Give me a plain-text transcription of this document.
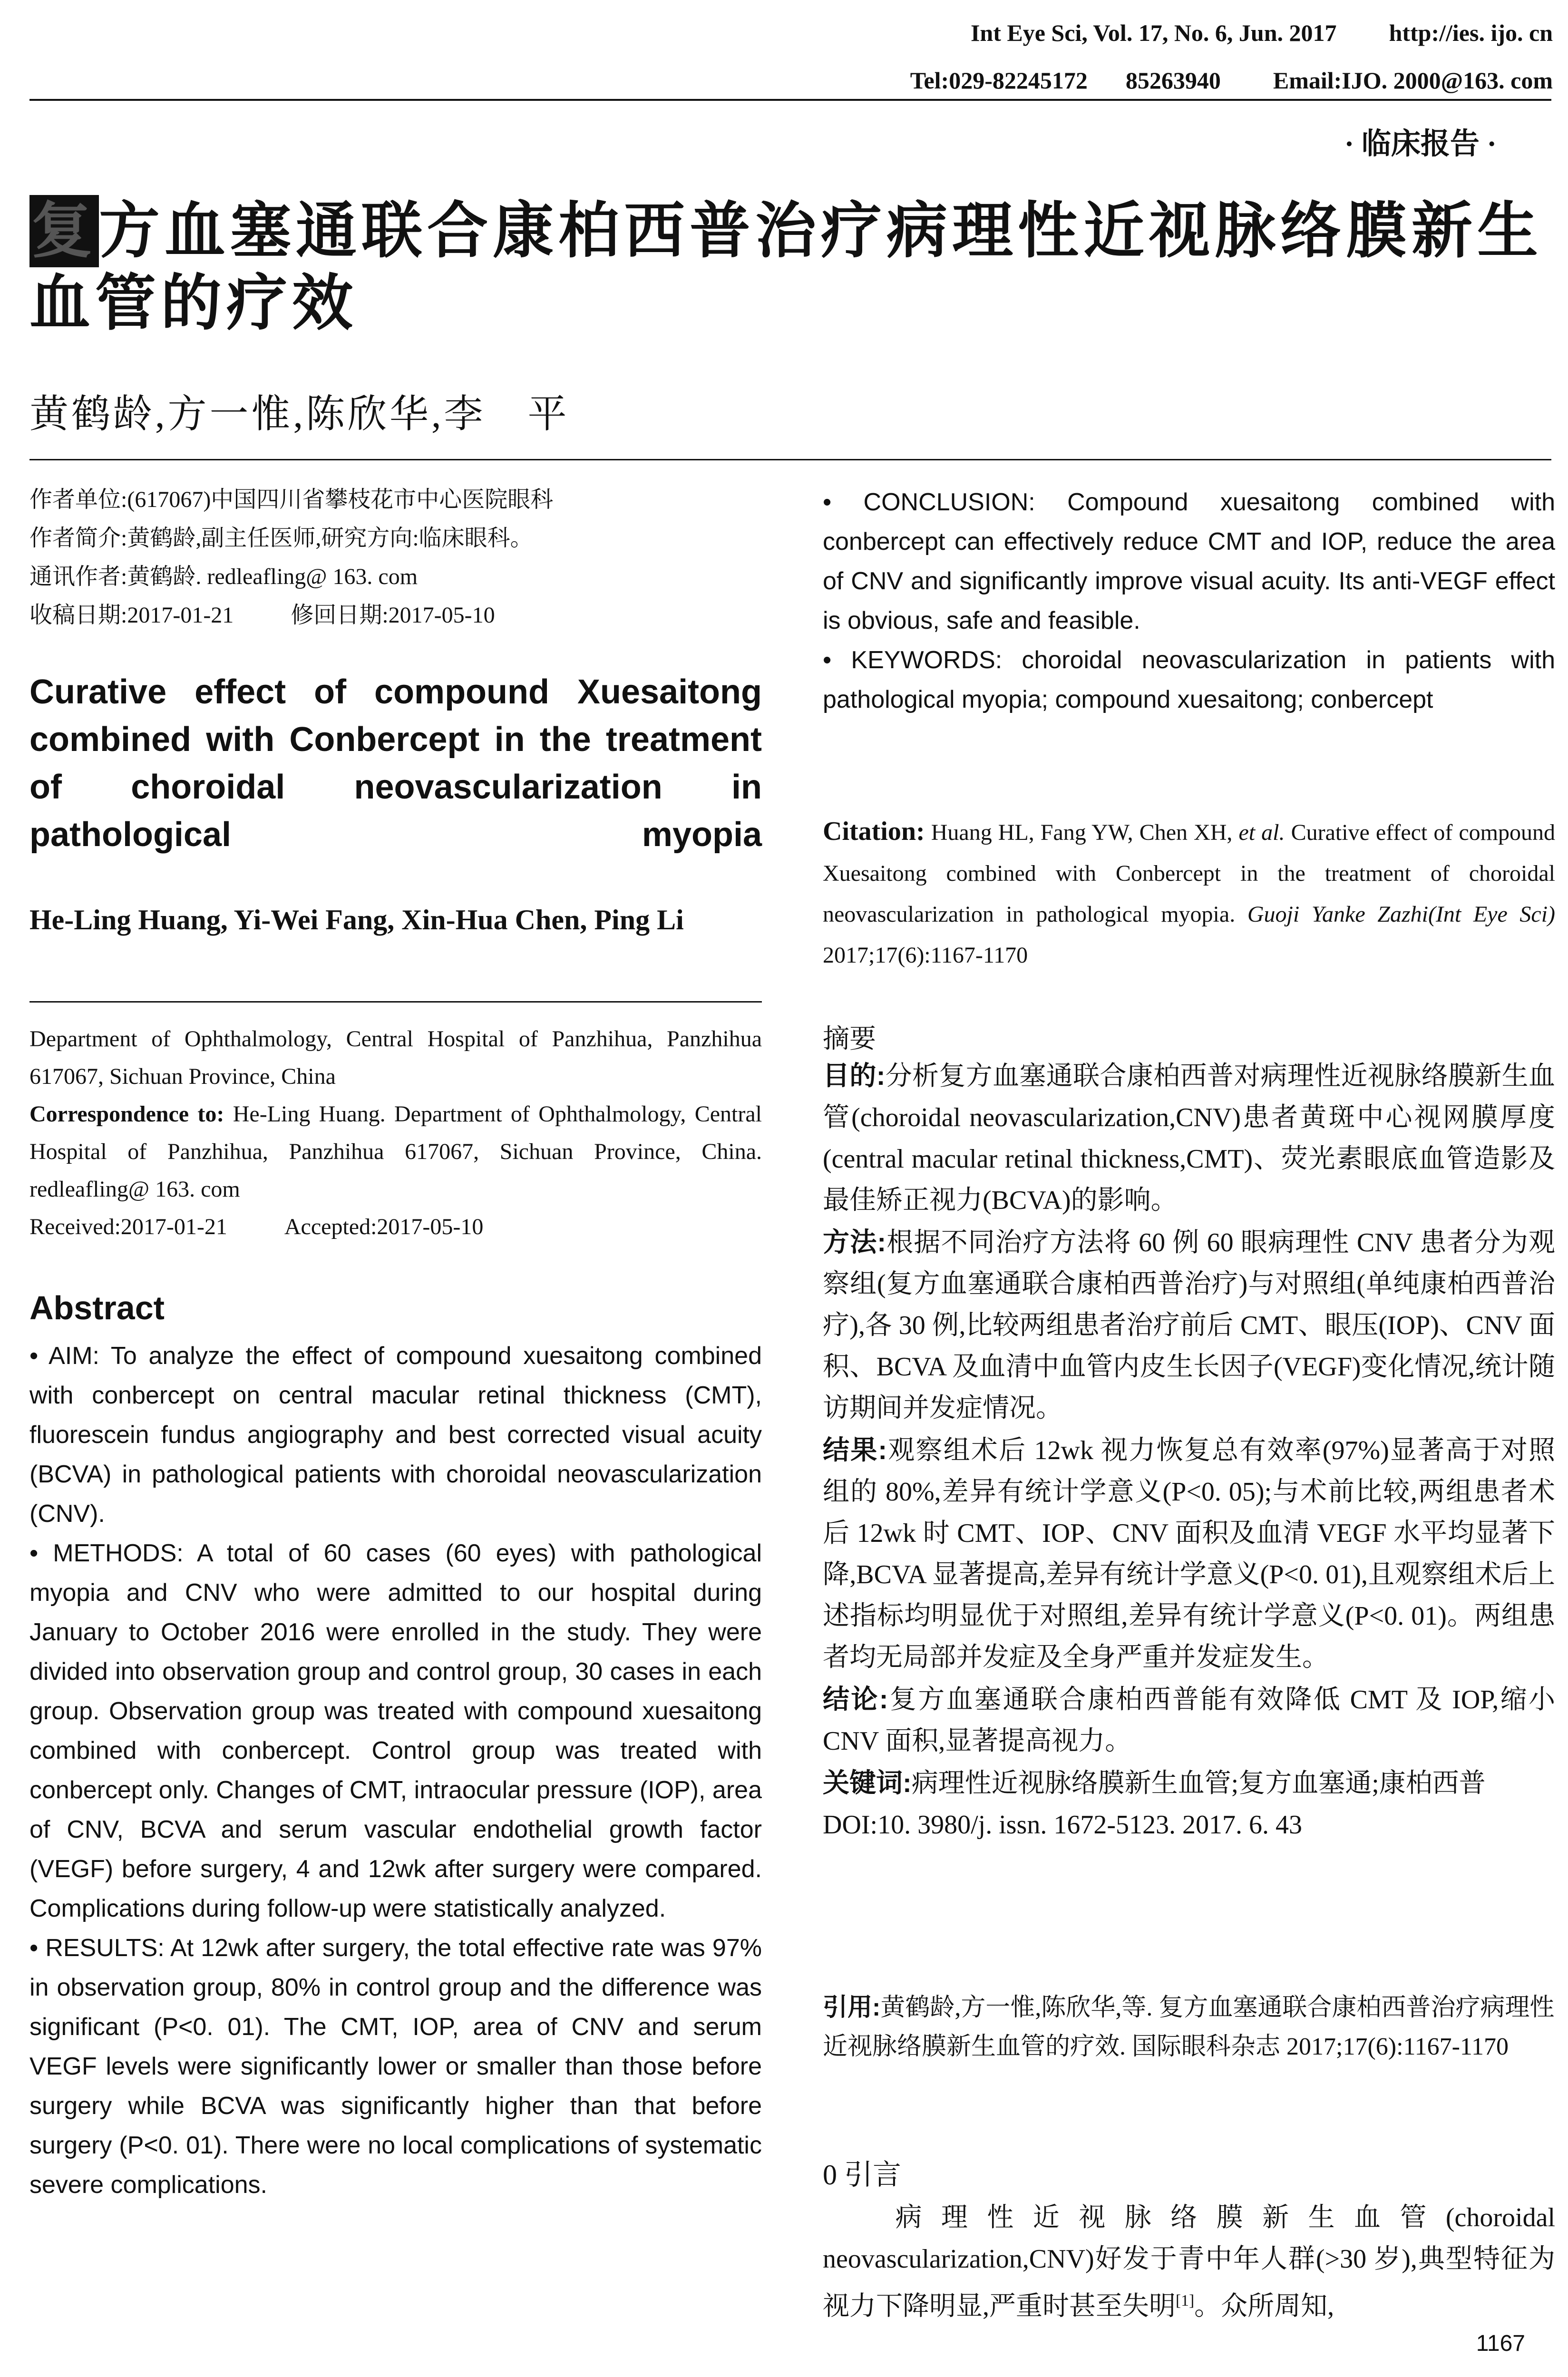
Int Eye Sci, Vol. 17, No. 6, Jun. 2017 http://ies. ijo. cn
Tel:029-82245172 85263940 Email:IJO. 2000@163. com
· 临床报告 ·
复方血塞通联合康柏西普治疗病理性近视脉络膜新生血管的疗效
黄鹤龄,方一惟,陈欣华,李　平
作者单位:(617067)中国四川省攀枝花市中心医院眼科
作者简介:黄鹤龄,副主任医师,研究方向:临床眼科。
通讯作者:黄鹤龄. redleafling@ 163. com
收稿日期:2017-01-21	修回日期:2017-05-10
Curative effect of compound Xuesaitong combined with Conbercept in the treatment of choroidal neovascularization in pathological myopia
He-Ling Huang, Yi-Wei Fang, Xin-Hua Chen, Ping Li
Department of Ophthalmology, Central Hospital of Panzhihua, Panzhihua 617067, Sichuan Province, China
Correspondence to: He-Ling Huang. Department of Ophthalmology, Central Hospital of Panzhihua, Panzhihua 617067, Sichuan Province, China. redleafling@ 163. com
Received:2017-01-21	Accepted:2017-05-10
Abstract
• AIM: To analyze the effect of compound xuesaitong combined with conbercept on central macular retinal thickness (CMT), fluorescein fundus angiography and best corrected visual acuity (BCVA) in pathological patients with choroidal neovascularization (CNV).
• METHODS: A total of 60 cases (60 eyes) with pathological myopia and CNV who were admitted to our hospital during January to October 2016 were enrolled in the study. They were divided into observation group and control group, 30 cases in each group. Observation group was treated with compound xuesaitong combined with conbercept. Control group was treated with conbercept only. Changes of CMT, intraocular pressure (IOP), area of CNV, BCVA and serum vascular endothelial growth factor (VEGF) before surgery, 4 and 12wk after surgery were compared. Complications during follow-up were statistically analyzed.
• RESULTS: At 12wk after surgery, the total effective rate was 97% in observation group, 80% in control group and the difference was significant (P<0. 01). The CMT, IOP, area of CNV and serum VEGF levels were significantly lower or smaller than those before surgery while BCVA was significantly higher than that before surgery (P<0. 01). There were no local complications of systematic severe complications.
• CONCLUSION: Compound xuesaitong combined with conbercept can effectively reduce CMT and IOP, reduce the area of CNV and significantly improve visual acuity. Its anti-VEGF effect is obvious, safe and feasible.
• KEYWORDS: choroidal neovascularization in patients with pathological myopia; compound xuesaitong; conbercept
Citation: Huang HL, Fang YW, Chen XH, et al. Curative effect of compound Xuesaitong combined with Conbercept in the treatment of choroidal neovascularization in pathological myopia. Guoji Yanke Zazhi(Int Eye Sci) 2017;17(6):1167-1170
摘要
目的:分析复方血塞通联合康柏西普对病理性近视脉络膜新生血管(choroidal neovascularization,CNV)患者黄斑中心视网膜厚度(central macular retinal thickness,CMT)、荧光素眼底血管造影及最佳矫正视力(BCVA)的影响。
方法:根据不同治疗方法将 60 例 60 眼病理性 CNV 患者分为观察组(复方血塞通联合康柏西普治疗)与对照组(单纯康柏西普治疗),各 30 例,比较两组患者治疗前后 CMT、眼压(IOP)、CNV 面积、BCVA 及血清中血管内皮生长因子(VEGF)变化情况,统计随访期间并发症情况。
结果:观察组术后 12wk 视力恢复总有效率(97%)显著高于对照组的 80%,差异有统计学意义(P<0. 05);与术前比较,两组患者术后 12wk 时 CMT、IOP、CNV 面积及血清 VEGF 水平均显著下降,BCVA 显著提高,差异有统计学意义(P<0. 01),且观察组术后上述指标均明显优于对照组,差异有统计学意义(P<0. 01)。两组患者均无局部并发症及全身严重并发症发生。
结论:复方血塞通联合康柏西普能有效降低 CMT 及 IOP,缩小 CNV 面积,显著提高视力。
关键词:病理性近视脉络膜新生血管;复方血塞通;康柏西普
DOI:10. 3980/j. issn. 1672-5123. 2017. 6. 43
引用:黄鹤龄,方一惟,陈欣华,等. 复方血塞通联合康柏西普治疗病理性近视脉络膜新生血管的疗效. 国际眼科杂志 2017;17(6):1167-1170
0 引言
病理性近视脉络膜新生血管(choroidal neovascularization,CNV)好发于青中年人群(>30 岁),典型特征为视力下降明显,严重时甚至失明[1]。众所周知,
1167
